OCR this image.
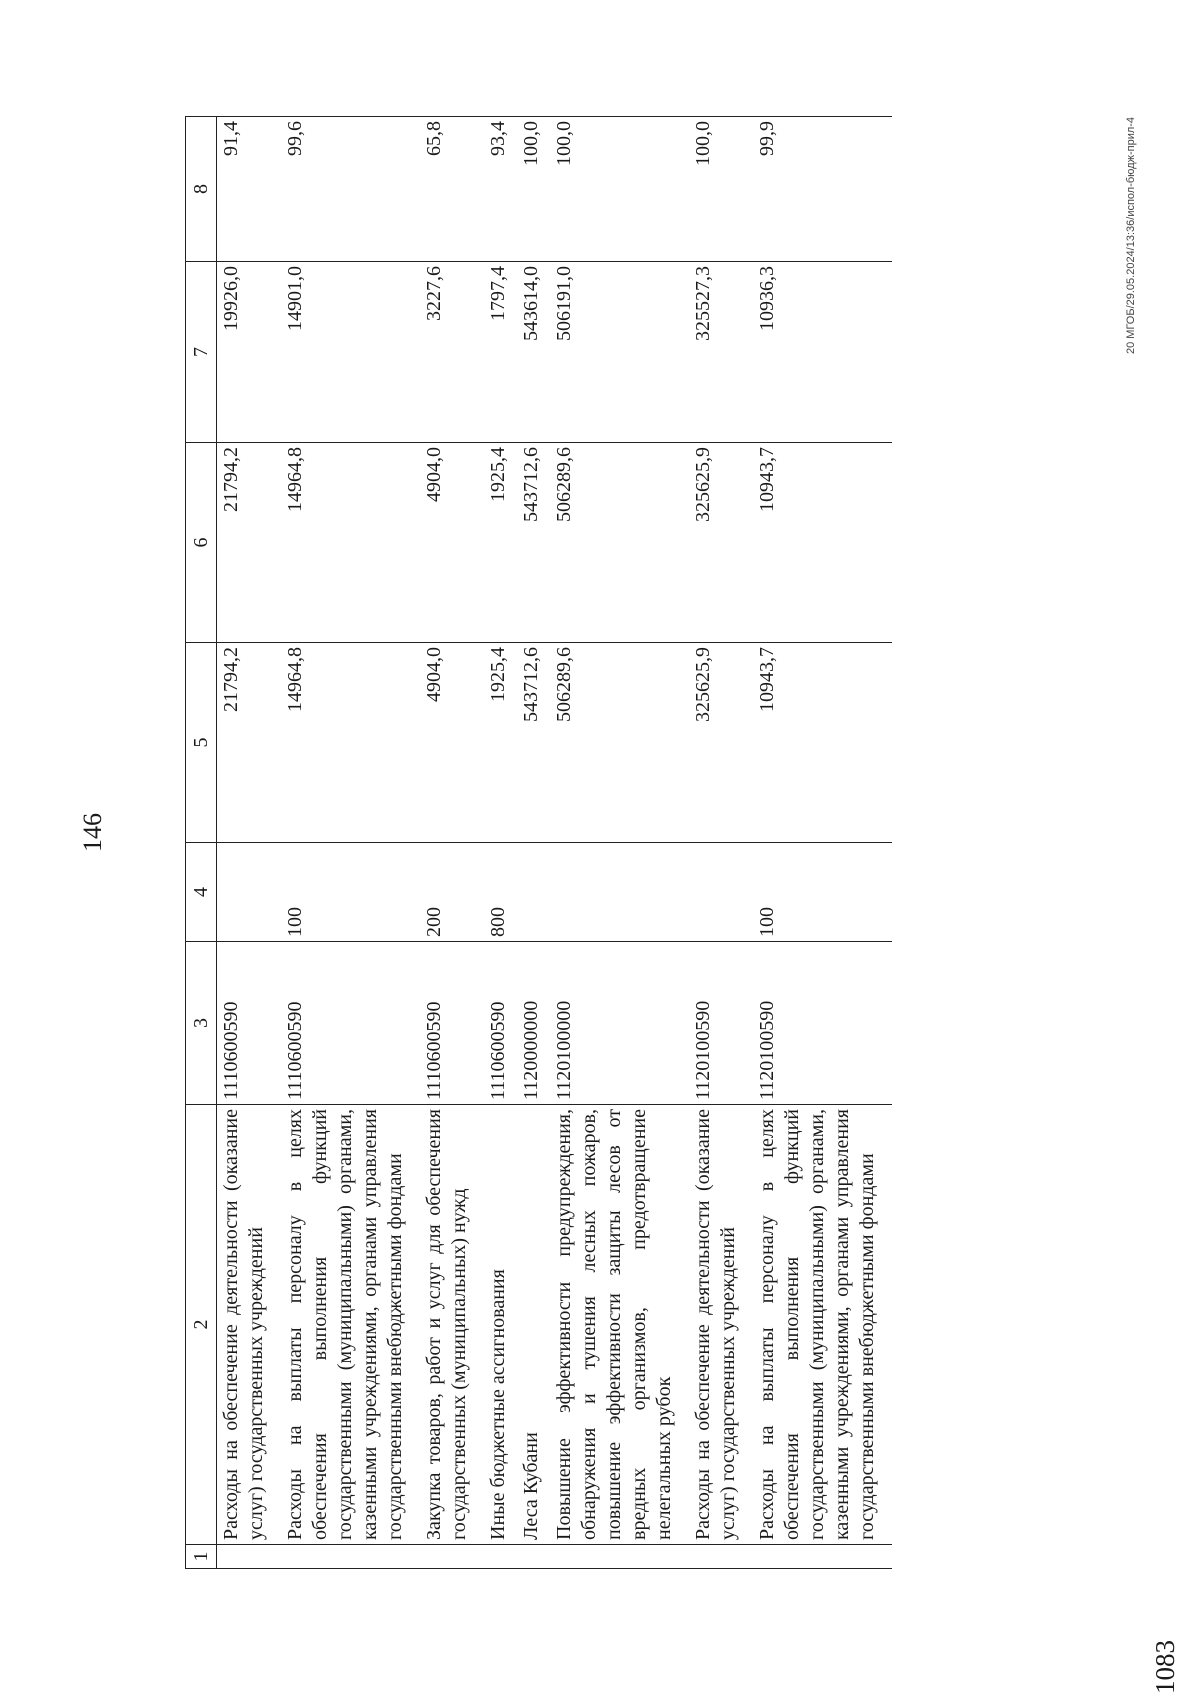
146
1	2	3	4	5	6	7	8
	Расходы на обеспечение деятельности (оказание услуг) государственных учреждений	1110600590		21794,2	21794,2	19926,0	91,4
	Расходы на выплаты персоналу в целях обеспечения выполнения функций государственными (муниципальными) органами, казенными учреждениями, органами управления государственными внебюджетными фондами	1110600590	100	14964,8	14964,8	14901,0	99,6
	Закупка товаров, работ и услуг для обеспечения государственных (муниципальных) нужд	1110600590	200	4904,0	4904,0	3227,6	65,8
	Иные бюджетные ассигнования	1110600590	800	1925,4	1925,4	1797,4	93,4
	Леса Кубани	1120000000		543712,6	543712,6	543614,0	100,0
	Повышение эффективности предупреждения, обнаружения и тушения лесных пожаров, повышение эффективности защиты лесов от вредных организмов, предотвращение нелегальных рубок	1120100000		506289,6	506289,6	506191,0	100,0
	Расходы на обеспечение деятельности (оказание услуг) государственных учреждений	1120100590		325625,9	325625,9	325527,3	100,0
	Расходы на выплаты персоналу в целях обеспечения выполнения функций государственными (муниципальными) органами, казенными учреждениями, органами управления государственными внебюджетными фондами	1120100590	100	10943,7	10943,7	10936,3	99,9	20 МГОБ/29.05.2024/13:36/испол-бюдж-прил-4
1083
